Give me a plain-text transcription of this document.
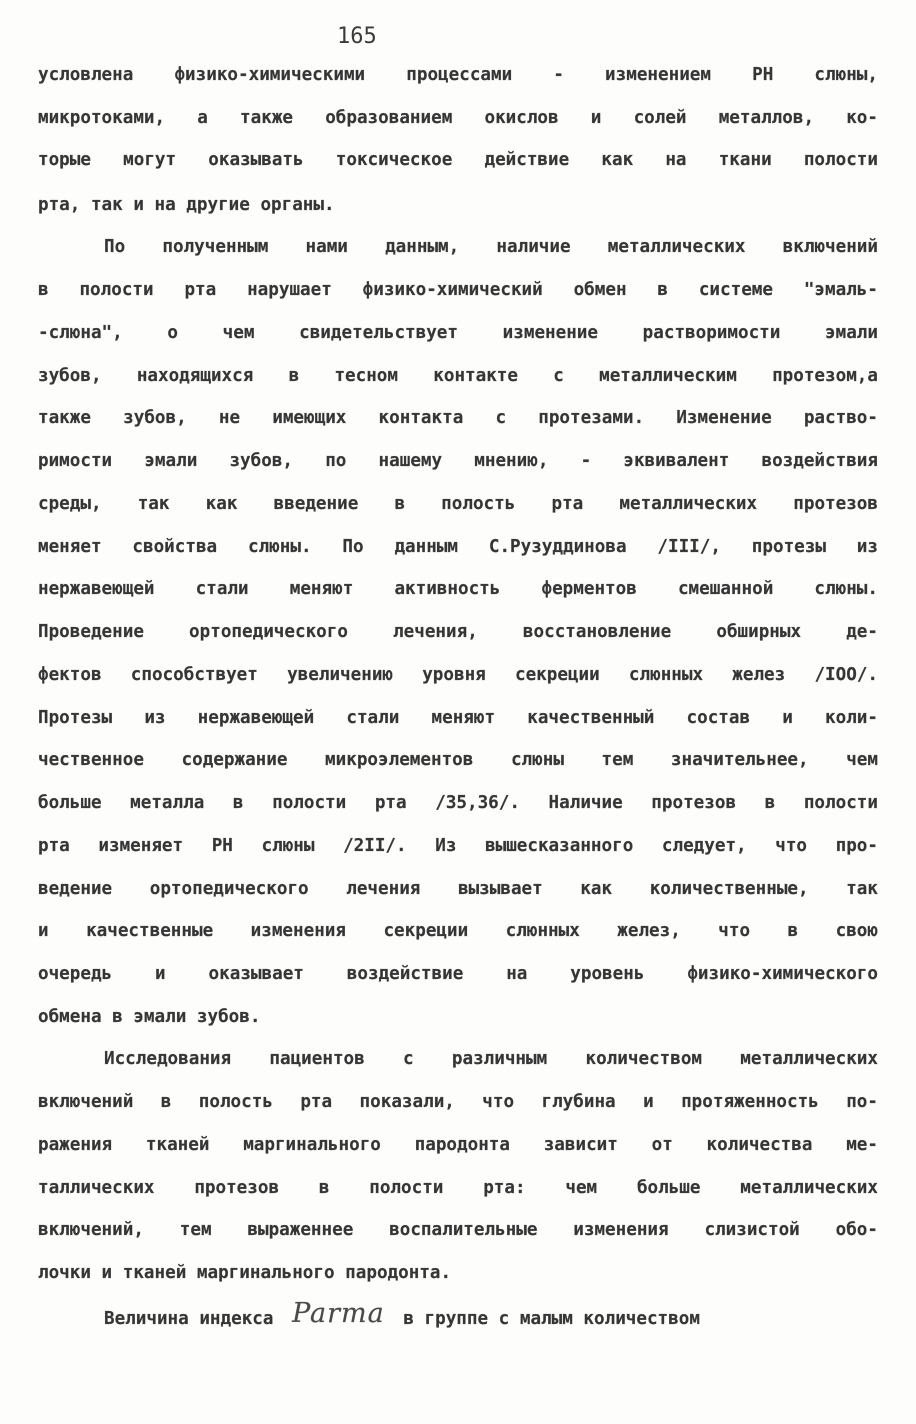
165
условлена физико-химическими процессами - изменением РН слюны,
микротоками, а также образованием окислов и солей металлов, ко-
торые могут оказывать токсическое действие как на ткани полости
рта, так и на другие органы.
По полученным нами данным, наличие металлических включений
в полости рта нарушает физико-химический обмен в системе "эмаль-
-слюна", о чем свидетельствует изменение растворимости эмали
зубов, находящихся в тесном контакте с металлическим протезом,а
также зубов, не имеющих контакта с протезами. Изменение раство-
римости эмали зубов, по нашему мнению, - эквивалент воздействия
среды, так как введение в полость рта металлических протезов
меняет свойства слюны. По данным С.Рузуддинова /III/, протезы из
нержавеющей стали меняют активность ферментов смешанной слюны.
Проведение ортопедического лечения, восстановление обширных де-
фектов способствует увеличению уровня секреции слюнных желез /IОО/.
Протезы из нержавеющей стали меняют качественный состав и коли-
чественное содержание микроэлементов слюны тем значительнее, чем
больше металла в полости рта /35,36/. Наличие протезов в полости
рта изменяет РН слюны /2II/. Из вышесказанного следует, что про-
ведение ортопедического лечения вызывает как количественные, так
и качественные изменения секреции слюнных желез, что в свою
очередь и оказывает воздействие на уровень физико-химического
обмена в эмали зубов.
Исследования пациентов с различным количеством металлических
включений в полость рта показали, что глубина и протяженность по-
ражения тканей маргинального пародонта зависит от количества ме-
таллических протезов в полости рта: чем больше металлических
включений, тем выраженнее воспалительные изменения слизистой обо-
лочки и тканей маргинального пародонта.
Величина индекса Parma в группе с малым количеством
